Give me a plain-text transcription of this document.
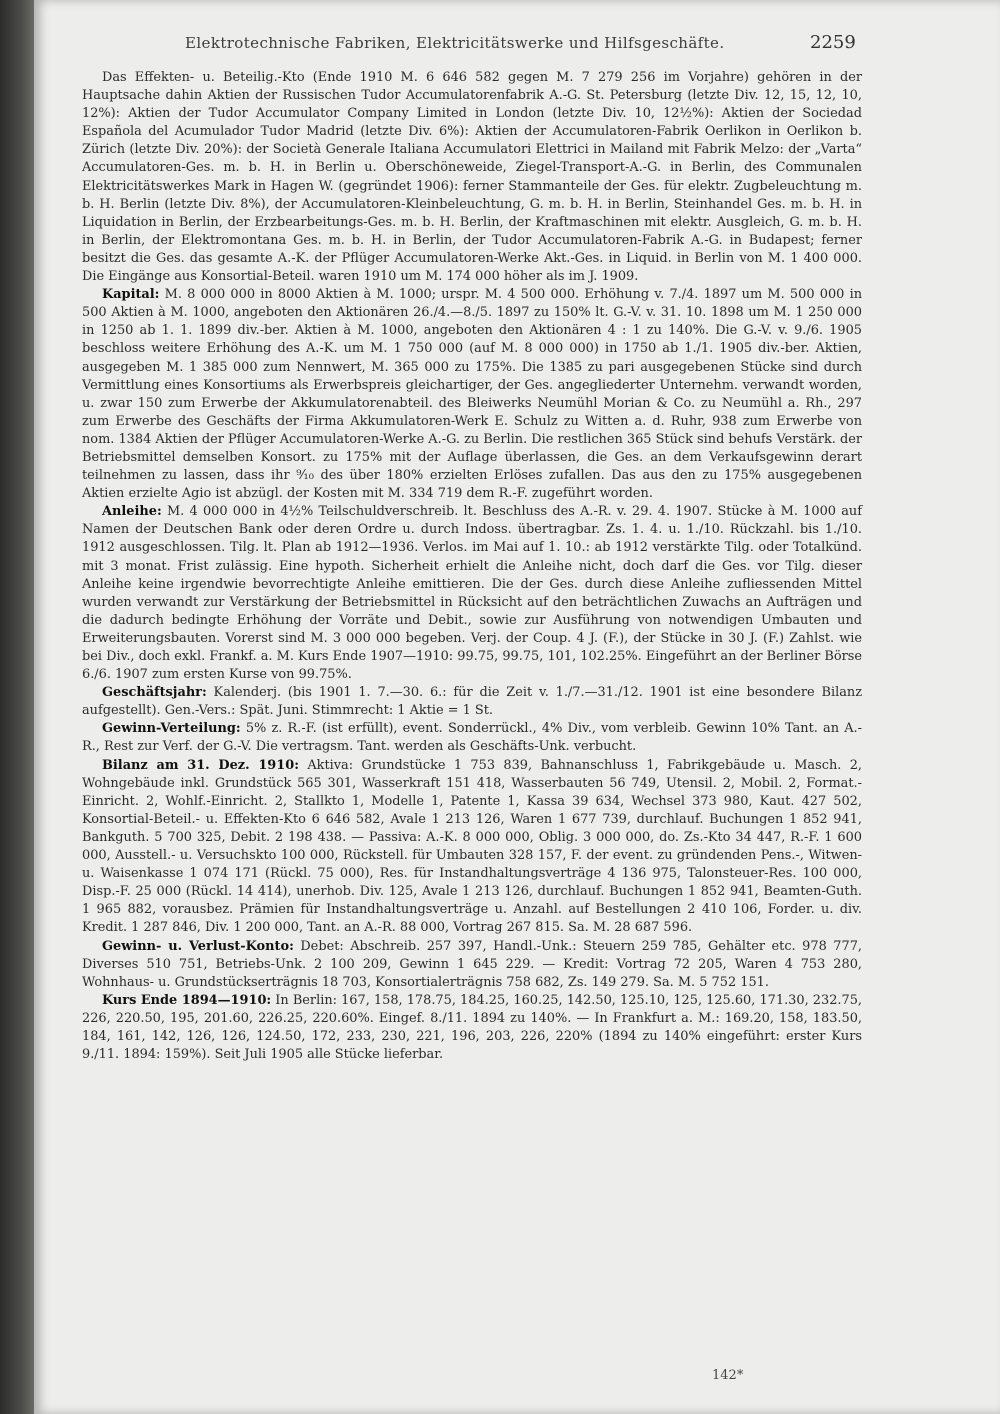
Elektrotechnische Fabriken, Elektricitätswerke und Hilfsgeschäfte.	2259

Das Effekten- u. Beteilig.-Kto (Ende 1910 M. 6 646 582 gegen M. 7 279 256 im Vorjahre) gehören in der Hauptsache dahin Aktien der Russischen Tudor Accumulatorenfabrik A.-G. St. Petersburg (letzte Div. 12, 15, 12, 10, 12%): Aktien der Tudor Accumulator Company Limited in London (letzte Div. 10, 12½%): Aktien der Sociedad Española del Acumulador Tudor Madrid (letzte Div. 6%): Aktien der Accumulatoren-Fabrik Oerlikon in Oerlikon b. Zürich (letzte Div. 20%): der Società Generale Italiana Accumulatori Elettrici in Mailand mit Fabrik Melzo: der „Varta“ Accumulatoren-Ges. m. b. H. in Berlin u. Oberschöneweide, Ziegel-Transport-A.-G. in Berlin, des Communalen Elektricitätswerkes Mark in Hagen W. (gegründet 1906): ferner Stammanteile der Ges. für elektr. Zugbeleuchtung m. b. H. Berlin (letzte Div. 8%), der Accumulatoren-Kleinbeleuchtung, G. m. b. H. in Berlin, Steinhandel Ges. m. b. H. in Liquidation in Berlin, der Erzbearbeitungs-Ges. m. b. H. Berlin, der Kraftmaschinen mit elektr. Ausgleich, G. m. b. H. in Berlin, der Elektromontana Ges. m. b. H. in Berlin, der Tudor Accumulatoren-Fabrik A.-G. in Budapest; ferner besitzt die Ges. das gesamte A.-K. der Pflüger Accumulatoren-Werke Akt.-Ges. in Liquid. in Berlin von M. 1 400 000. Die Eingänge aus Konsortial-Beteil. waren 1910 um M. 174 000 höher als im J. 1909.

Kapital: M. 8 000 000 in 8000 Aktien à M. 1000; urspr. M. 4 500 000. Erhöhung v. 7./4. 1897 um M. 500 000 in 500 Aktien à M. 1000, angeboten den Aktionären 26./4.—8./5. 1897 zu 150% lt. G.-V. v. 31. 10. 1898 um M. 1 250 000 in 1250 ab 1. 1. 1899 div.-ber. Aktien à M. 1000, angeboten den Aktionären 4 : 1 zu 140%. Die G.-V. v. 9./6. 1905 beschloss weitere Erhöhung des A.-K. um M. 1 750 000 (auf M. 8 000 000) in 1750 ab 1./1. 1905 div.-ber. Aktien, ausgegeben M. 1 385 000 zum Nennwert, M. 365 000 zu 175%. Die 1385 zu pari ausgegebenen Stücke sind durch Vermittlung eines Konsortiums als Erwerbspreis gleichartiger, der Ges. angegliederter Unternehm. verwandt worden, u. zwar 150 zum Erwerbe der Akkumulatorenabteil. des Bleiwerks Neumühl Morian & Co. zu Neumühl a. Rh., 297 zum Erwerbe des Geschäfts der Firma Akkumulatoren-Werk E. Schulz zu Witten a. d. Ruhr, 938 zum Erwerbe von nom. 1384 Aktien der Pflüger Accumulatoren-Werke A.-G. zu Berlin. Die restlichen 365 Stück sind behufs Verstärk. der Betriebsmittel demselben Konsort. zu 175% mit der Auflage überlassen, die Ges. an dem Verkaufsgewinn derart teilnehmen zu lassen, dass ihr ⁹⁄₁₀ des über 180% erzielten Erlöses zufallen. Das aus den zu 175% ausgegebenen Aktien erzielte Agio ist abzügl. der Kosten mit M. 334 719 dem R.-F. zugeführt worden.

Anleihe: M. 4 000 000 in 4½% Teilschuldverschreib. lt. Beschluss des A.-R. v. 29. 4. 1907. Stücke à M. 1000 auf Namen der Deutschen Bank oder deren Ordre u. durch Indoss. übertragbar. Zs. 1. 4. u. 1./10. Rückzahl. bis 1./10. 1912 ausgeschlossen. Tilg. lt. Plan ab 1912—1936. Verlos. im Mai auf 1. 10.: ab 1912 verstärkte Tilg. oder Totalkünd. mit 3 monat. Frist zulässig. Eine hypoth. Sicherheit erhielt die Anleihe nicht, doch darf die Ges. vor Tilg. dieser Anleihe keine irgendwie bevorrechtigte Anleihe emittieren. Die der Ges. durch diese Anleihe zufliessenden Mittel wurden verwandt zur Verstärkung der Betriebsmittel in Rücksicht auf den beträchtlichen Zuwachs an Aufträgen und die dadurch bedingte Erhöhung der Vorräte und Debit., sowie zur Ausführung von notwendigen Umbauten und Erweiterungsbauten. Vorerst sind M. 3 000 000 begeben. Verj. der Coup. 4 J. (F.), der Stücke in 30 J. (F.) Zahlst. wie bei Div., doch exkl. Frankf. a. M. Kurs Ende 1907—1910: 99.75, 99.75, 101, 102.25%. Eingeführt an der Berliner Börse 6./6. 1907 zum ersten Kurse von 99.75%.

Geschäftsjahr: Kalenderj. (bis 1901 1. 7.—30. 6.: für die Zeit v. 1./7.—31./12. 1901 ist eine besondere Bilanz aufgestellt). Gen.-Vers.: Spät. Juni. Stimmrecht: 1 Aktie = 1 St.

Gewinn-Verteilung: 5% z. R.-F. (ist erfüllt), event. Sonderrückl., 4% Div., vom verbleib. Gewinn 10% Tant. an A.-R., Rest zur Verf. der G.-V. Die vertragsm. Tant. werden als Geschäfts-Unk. verbucht.

Bilanz am 31. Dez. 1910: Aktiva: Grundstücke 1 753 839, Bahnanschluss 1, Fabrikgebäude u. Masch. 2, Wohngebäude inkl. Grundstück 565 301, Wasserkraft 151 418, Wasserbauten 56 749, Utensil. 2, Mobil. 2, Format.-Einricht. 2, Wohlf.-Einricht. 2, Stallkto 1, Modelle 1, Patente 1, Kassa 39 634, Wechsel 373 980, Kaut. 427 502, Konsortial-Beteil.- u. Effekten-Kto 6 646 582, Avale 1 213 126, Waren 1 677 739, durchlauf. Buchungen 1 852 941, Bankguth. 5 700 325, Debit. 2 198 438. — Passiva: A.-K. 8 000 000, Oblig. 3 000 000, do. Zs.-Kto 34 447, R.-F. 1 600 000, Ausstell.- u. Versuchskto 100 000, Rückstell. für Umbauten 328 157, F. der event. zu gründenden Pens.-, Witwen- u. Waisenkasse 1 074 171 (Rückl. 75 000), Res. für Instandhaltungsverträge 4 136 975, Talonsteuer-Res. 100 000, Disp.-F. 25 000 (Rückl. 14 414), unerhob. Div. 125, Avale 1 213 126, durchlauf. Buchungen 1 852 941, Beamten-Guth. 1 965 882, vorausbez. Prämien für Instandhaltungsverträge u. Anzahl. auf Bestellungen 2 410 106, Forder. u. div. Kredit. 1 287 846, Div. 1 200 000, Tant. an A.-R. 88 000, Vortrag 267 815. Sa. M. 28 687 596.

Gewinn- u. Verlust-Konto: Debet: Abschreib. 257 397, Handl.-Unk.: Steuern 259 785, Gehälter etc. 978 777, Diverses 510 751, Betriebs-Unk. 2 100 209, Gewinn 1 645 229. — Kredit: Vortrag 72 205, Waren 4 753 280, Wohnhaus- u. Grundstückserträgnis 18 703, Konsortialerträgnis 758 682, Zs. 149 279. Sa. M. 5 752 151.

Kurs Ende 1894—1910: In Berlin: 167, 158, 178.75, 184.25, 160.25, 142.50, 125.10, 125, 125.60, 171.30, 232.75, 226, 220.50, 195, 201.60, 226.25, 220.60%. Eingef. 8./11. 1894 zu 140%. — In Frankfurt a. M.: 169.20, 158, 183.50, 184, 161, 142, 126, 126, 124.50, 172, 233, 230, 221, 196, 203, 226, 220% (1894 zu 140% eingeführt: erster Kurs 9./11. 1894: 159%). Seit Juli 1905 alle Stücke lieferbar.

142*
